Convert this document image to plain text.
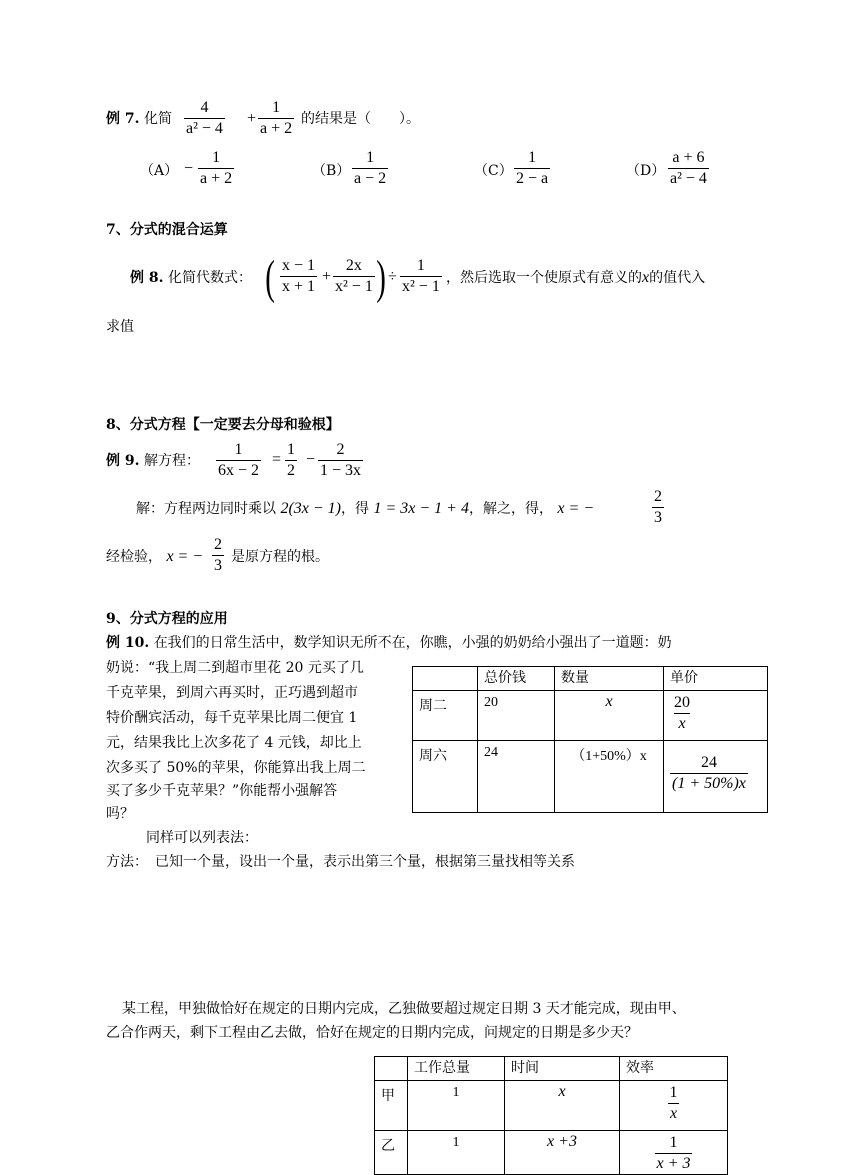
例 7. 化简 $\frac{4}{\text{a² − 4}} + \frac{1}{a + 2}$ 的结果是（　　）。
$(A) - \frac{1}{a + 2}$	$(B) \frac{1}{a - 2}$	$(C) \frac{1}{2 - a}$	$(D) \frac{a + 6}{\text{a² − 4}}$
7、分式的混合运算
例 8. 化简代数式： ( $\frac{x - 1}{x + 1} + \frac{2x}{\text{x² − 1}}$ ) ÷ $\frac{1}{\text{x² − 1}}$ ，然后选取一个使原式有意义的x的值代入
求值
8、分式方程【一定要去分母和验根】
例 9. 解方程： $\frac{1}{6x - 2} = \frac{1}{2} - \frac{2}{1 - 3x}$
解：方程两边同时乘以 2(3x − 1)，得 1 = 3x − 1 + 4，解之，得， x = −	$\frac{2}{3}$
经检验， x = − $\frac{2}{3}$ 是原方程的根。
9、分式方程的应用
例 10. 在我们的日常生活中，数学知识无所不在，你瞧，小强的奶奶给小强出了一道题：奶
奶说：“我上周二到超市里花 20 元买了几
千克苹果，到周六再买时，正巧遇到超市
特价酬宾活动，每千克苹果比周二便宜 1
元，结果我比上次多花了 4 元钱，却比上
次多买了 50%的苹果，你能算出我上周二
买了多少千克苹果？”你能帮小强解答
吗？
	总价钱	数量	单价
周二	20	x	$\frac{20}{x}$

周六	24	（1+50%）x	$\frac{24}{(1 + 50\%)x}$
同样可以列表法：
方法：　已知一个量，设出一个量，表示出第三个量，根据第三量找相等关系
某工程，甲独做恰好在规定的日期内完成，乙独做要超过规定日期 3 天才能完成，现由甲、
乙合作两天，剩下工程由乙去做，恰好在规定的日期内完成，问规定的日期是多少天？
	工作总量	时间	效率
甲	1	x	$\frac{1}{x}$

乙	1	x +3	$\frac{1}{x + 3}$
